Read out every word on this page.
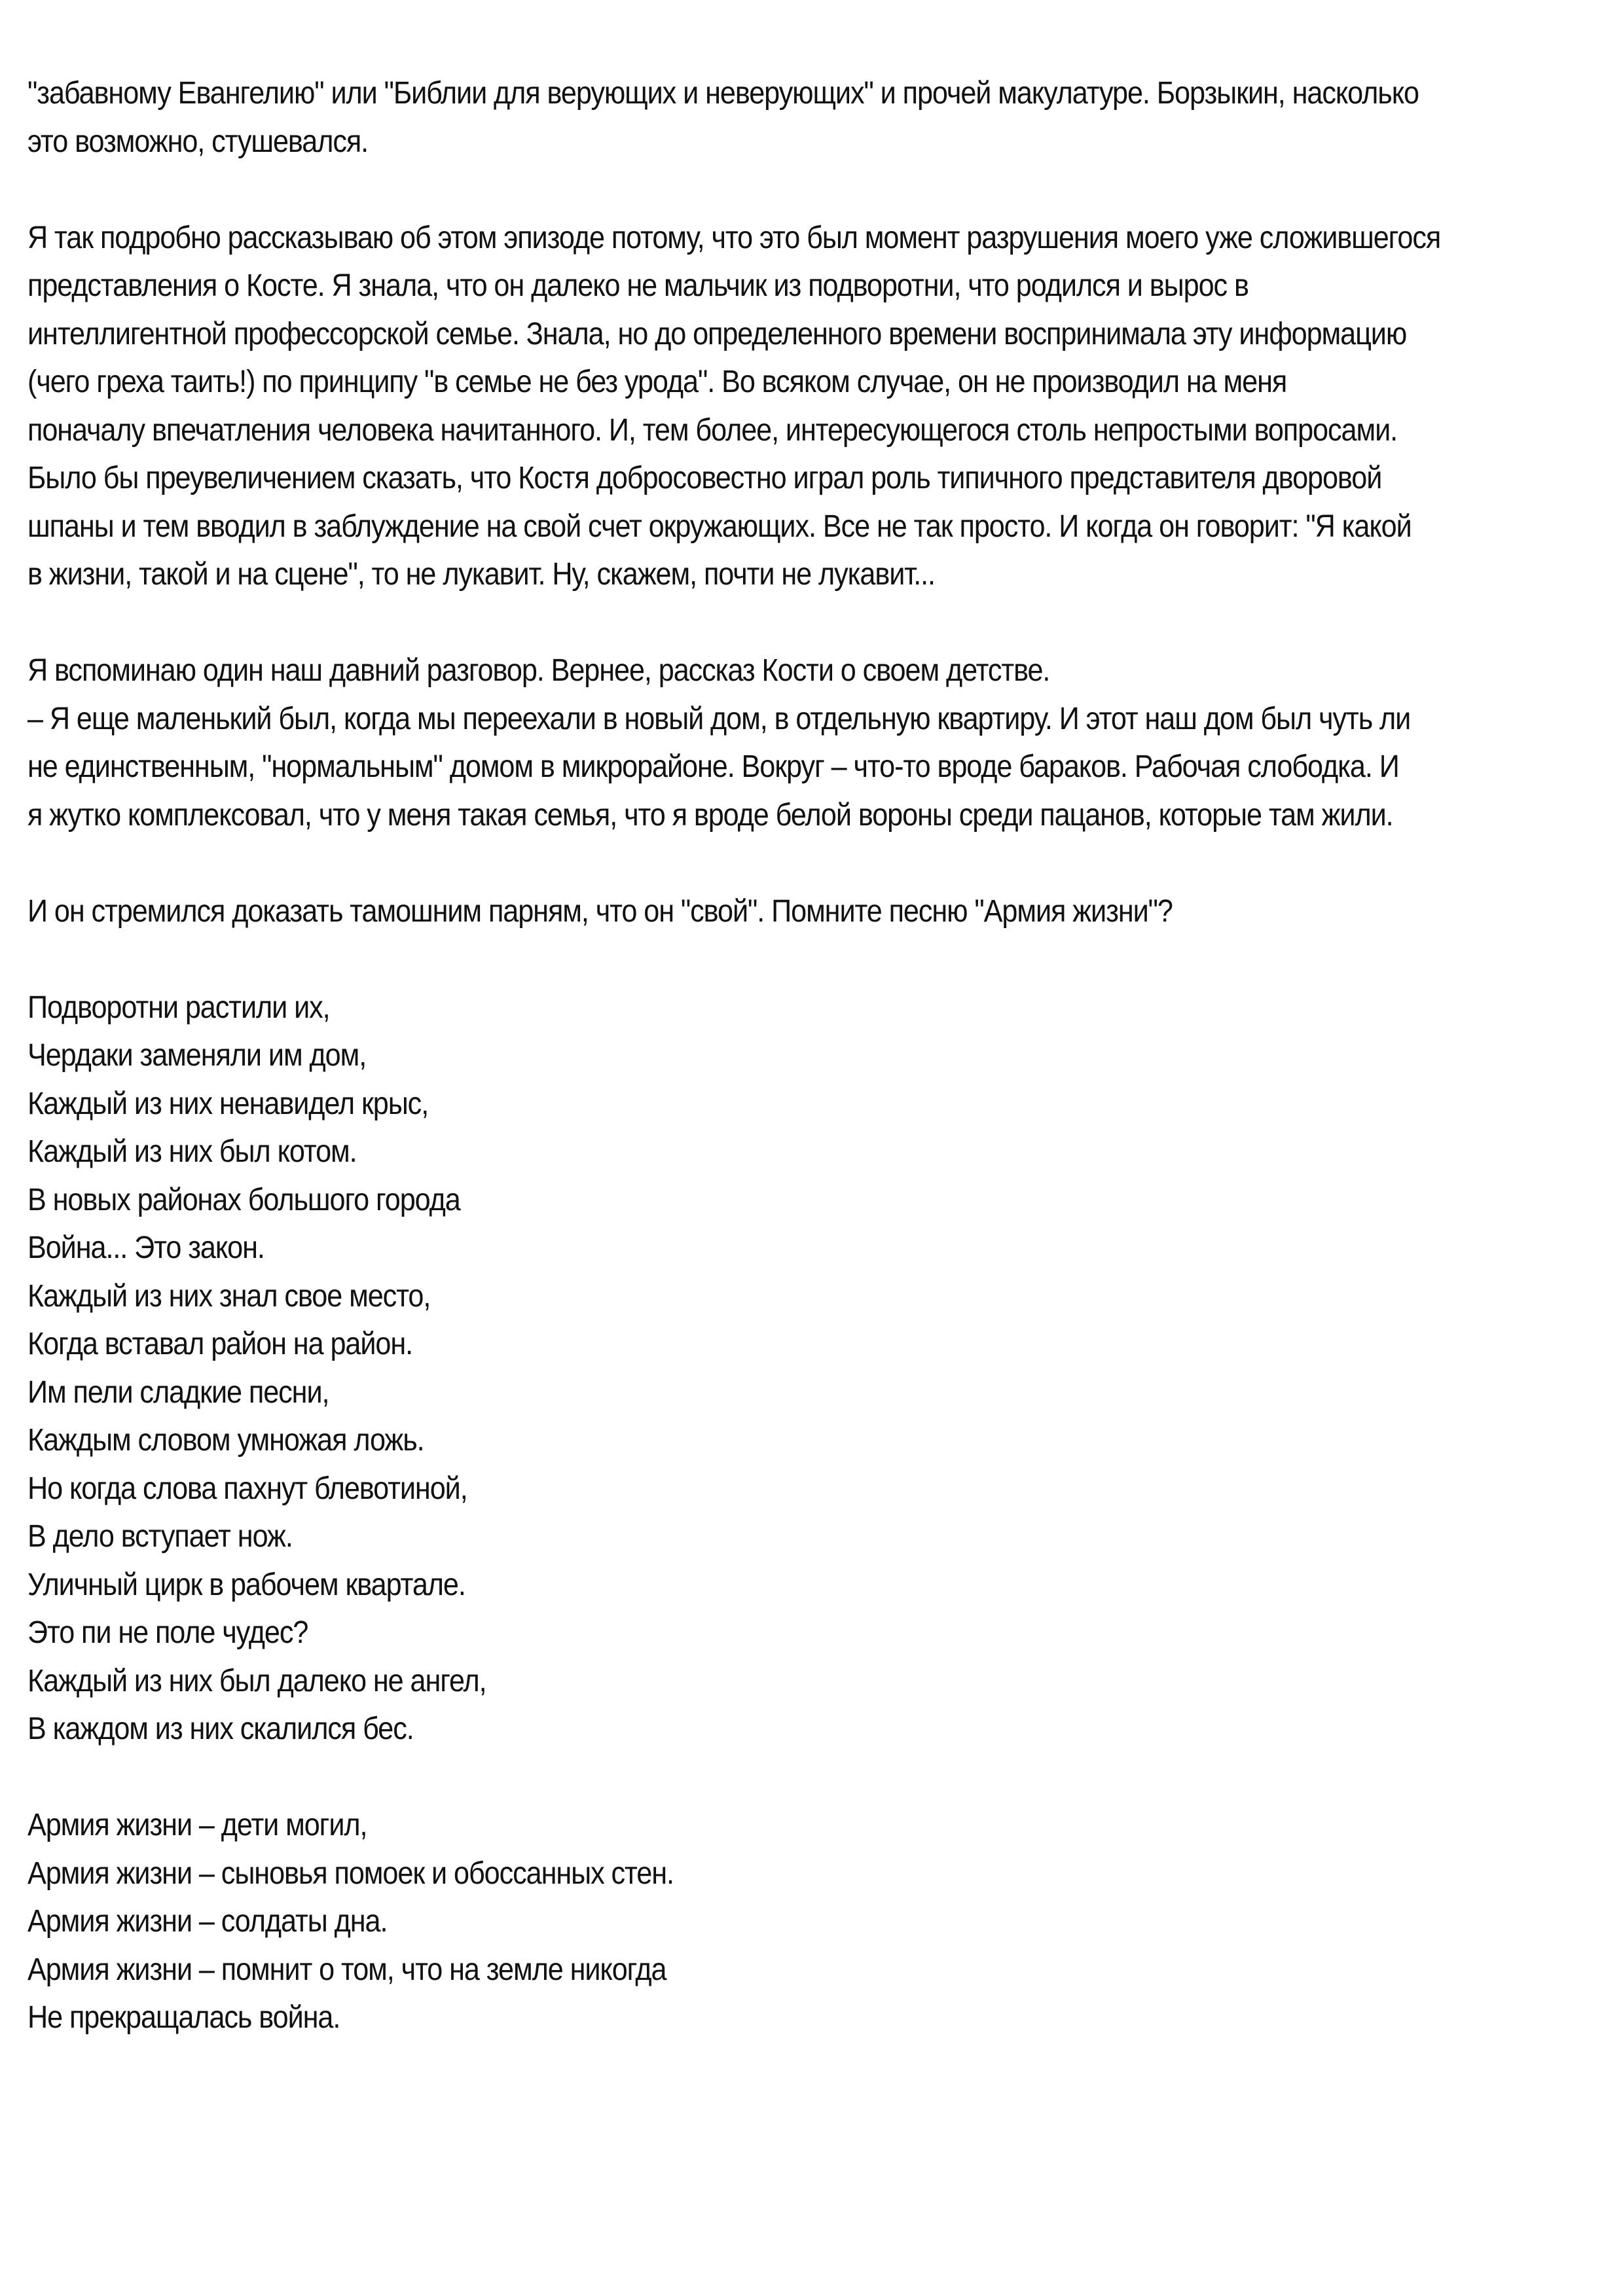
"забавному Евангелию" или "Библии для верующих и неверующих" и прочей макулатуре. Борзыкин, насколько
это возможно, стушевался.
Я так подробно рассказываю об этом эпизоде потому, что это был момент разрушения моего уже сложившегося
представления о Косте. Я знала, что он далеко не мальчик из подворотни, что родился и вырос в
интеллигентной профессорской семье. Знала, но до определенного времени воспринимала эту информацию
(чего греха таить!) по принципу "в семье не без урода". Во всяком случае, он не производил на меня
поначалу впечатления человека начитанного. И, тем более, интересующегося столь непростыми вопросами.
Было бы преувеличением сказать, что Костя добросовестно играл роль типичного представителя дворовой
шпаны и тем вводил в заблуждение на свой счет окружающих. Все не так просто. И когда он говорит: "Я какой
в жизни, такой и на сцене", то не лукавит. Ну, скажем, почти не лукавит...
Я вспоминаю один наш давний разговор. Вернее, рассказ Кости о своем детстве.
– Я еще маленький был, когда мы переехали в новый дом, в отдельную квартиру. И этот наш дом был чуть ли
не единственным, "нормальным" домом в микрорайоне. Вокруг – что-то вроде бараков. Рабочая слободка. И
я жутко комплексовал, что у меня такая семья, что я вроде белой вороны среди пацанов, которые там жили.
И он стремился доказать тамошним парням, что он "свой". Помните песню "Армия жизни"?
Подворотни растили их,
Чердаки заменяли им дом,
Каждый из них ненавидел крыс,
Каждый из них был котом.
В новых районах большого города
Война... Это закон.
Каждый из них знал свое место,
Когда вставал район на район.
Им пели сладкие песни,
Каждым словом умножая ложь.
Но когда слова пахнут блевотиной,
В дело вступает нож.
Уличный цирк в рабочем квартале.
Это пи не поле чудес?
Каждый из них был далеко не ангел,
В каждом из них скалился бес.
Армия жизни – дети могил,
Армия жизни – сыновья помоек и обоссанных стен.
Армия жизни – солдаты дна.
Армия жизни – помнит о том, что на земле никогда
Не прекращалась война.
